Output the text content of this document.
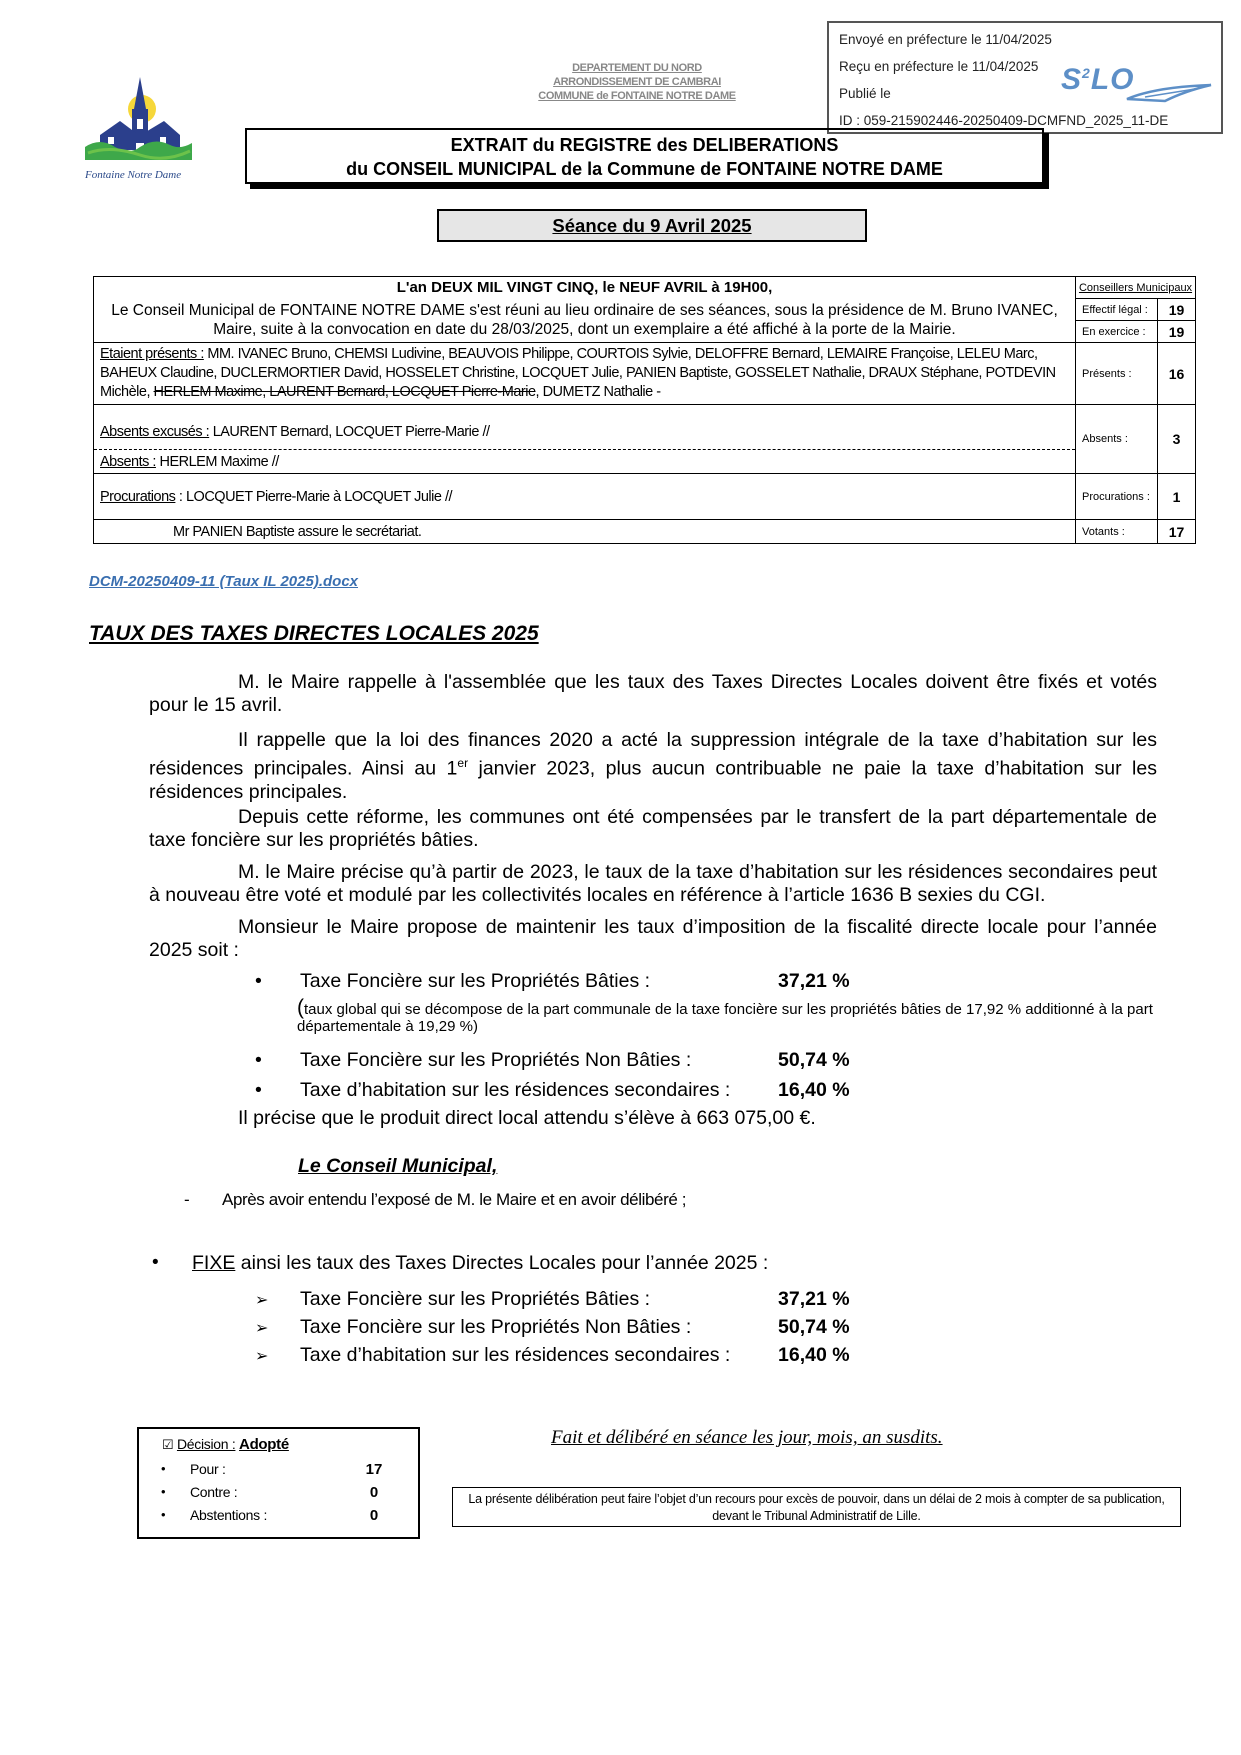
Envoyé en préfecture le 11/04/2025
Reçu en préfecture le 11/04/2025
Publié le
ID : 059-215902446-20250409-DCMFND_2025_11-DE
$S^2LO$
Fontaine Notre Dame
DEPARTEMENT DU NORD
ARRONDISSEMENT DE CAMBRAI
COMMUNE de FONTAINE NOTRE DAME
EXTRAIT du REGISTRE des DELIBERATIONS
du CONSEIL MUNICIPAL de la Commune de FONTAINE NOTRE DAME
Séance du 9 Avril 2025
L'an DEUX MIL VINGT CINQ, le NEUF AVRIL à 19H00,	Conseillers Municipaux	
Le Conseil Municipal de FONTAINE NOTRE DAME s'est réuni au lieu ordinaire de ses séances, sous la présidence de M. Bruno IVANEC, Maire, suite à la convocation en date du 28/03/2025, dont un exemplaire a été affiché à la porte de la Mairie.	Effectif légal :	19
	En exercice :	19
Etaient présents : MM. IVANEC Bruno, CHEMSI Ludivine, BEAUVOIS Philippe, COURTOIS Sylvie, DELOFFRE Bernard, LEMAIRE Françoise, LELEU Marc, BAHEUX Claudine, DUCLERMORTIER David, HOSSELET Christine, LOCQUET Julie, PANIEN Baptiste, GOSSELET Nathalie, DRAUX Stéphane, POTDEVIN Michèle, HERLEM Maxime, LAURENT Bernard, LOCQUET Pierre-Marie, DUMETZ Nathalie -	Présents :	16
Absents excusés : LAURENT Bernard, LOCQUET Pierre-Marie //	Absents :	3
Absents : HERLEM Maxime //		
Procurations : LOCQUET Pierre-Marie à LOCQUET Julie //	Procurations :	1
Mr PANIEN Baptiste assure le secrétariat.	Votants :	17
DCM-20250409-11 (Taux IL 2025).docx
TAUX DES TAXES DIRECTES LOCALES 2025
M. le Maire rappelle à l'assemblée que les taux des Taxes Directes Locales doivent être fixés et votés pour le 15 avril.
Il rappelle que la loi des finances 2020 a acté la suppression intégrale de la taxe d’habitation sur les résidences principales. Ainsi au 1er janvier 2023, plus aucun contribuable ne paie la taxe d’habitation sur les résidences principales.
Depuis cette réforme, les communes ont été compensées par le transfert de la part départementale de taxe foncière sur les propriétés bâties.
M. le Maire précise qu’à partir de 2023, le taux de la taxe d’habitation sur les résidences secondaires peut à nouveau être voté et modulé par les collectivités locales en référence à l’article 1636 B sexies du CGI.
Monsieur le Maire propose de maintenir les taux d’imposition de la fiscalité directe locale pour l’année 2025 soit :
• Taxe Foncière sur les Propriétés Bâties :	37,21 %
(taux global qui se décompose de la part communale de la taxe foncière sur les propriétés bâties de 17,92 % additionné à la part départementale à 19,29 %)
• Taxe Foncière sur les Propriétés Non Bâties :	50,74 %
• Taxe d’habitation sur les résidences secondaires : 16,40 %
Il précise que le produit direct local attendu s’élève à 663 075,00 €.
Le Conseil Municipal,
- Après avoir entendu l’exposé de M. le Maire et en avoir délibéré ;
• FIXE ainsi les taux des Taxes Directes Locales pour l’année 2025 :
➢ Taxe Foncière sur les Propriétés Bâties :	37,21 %
➢ Taxe Foncière sur les Propriétés Non Bâties :	50,74 %
➢ Taxe d’habitation sur les résidences secondaires : 16,40 %
☑ Décision : Adopté
• Pour :	17
• Contre :	0
• Abstentions :	0
Fait et délibéré en séance les jour, mois, an susdits.
La présente délibération peut faire l’objet d’un recours pour excès de pouvoir, dans un délai de 2 mois à compter de sa publication, devant le Tribunal Administratif de Lille.
